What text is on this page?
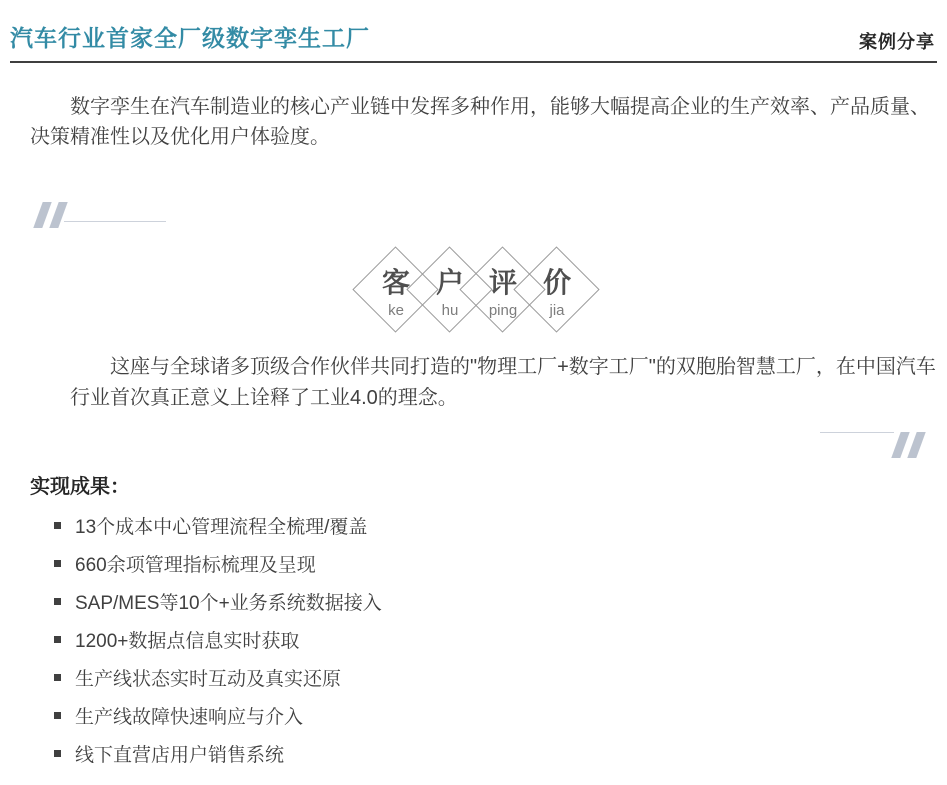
汽车行业首家全厂级数字孪生工厂	案例分享

数字孪生在汽车制造业的核心产业链中发挥多种作用，能够大幅提高企业的生产效率、产品质量、决策精准性以及优化用户体验度。

客
ke
户
hu
评
ping
价
jia

这座与全球诸多顶级合作伙伴共同打造的"物理工厂+数字工厂"的双胞胎智慧工厂，在中国汽车行业首次真正意义上诠释了工业4.0的理念。

实现成果：
13个成本中心管理流程全梳理/覆盖
660余项管理指标梳理及呈现
SAP/MES等10个+业务系统数据接入
1200+数据点信息实时获取
生产线状态实时互动及真实还原
生产线故障快速响应与介入
线下直营店用户销售系统
